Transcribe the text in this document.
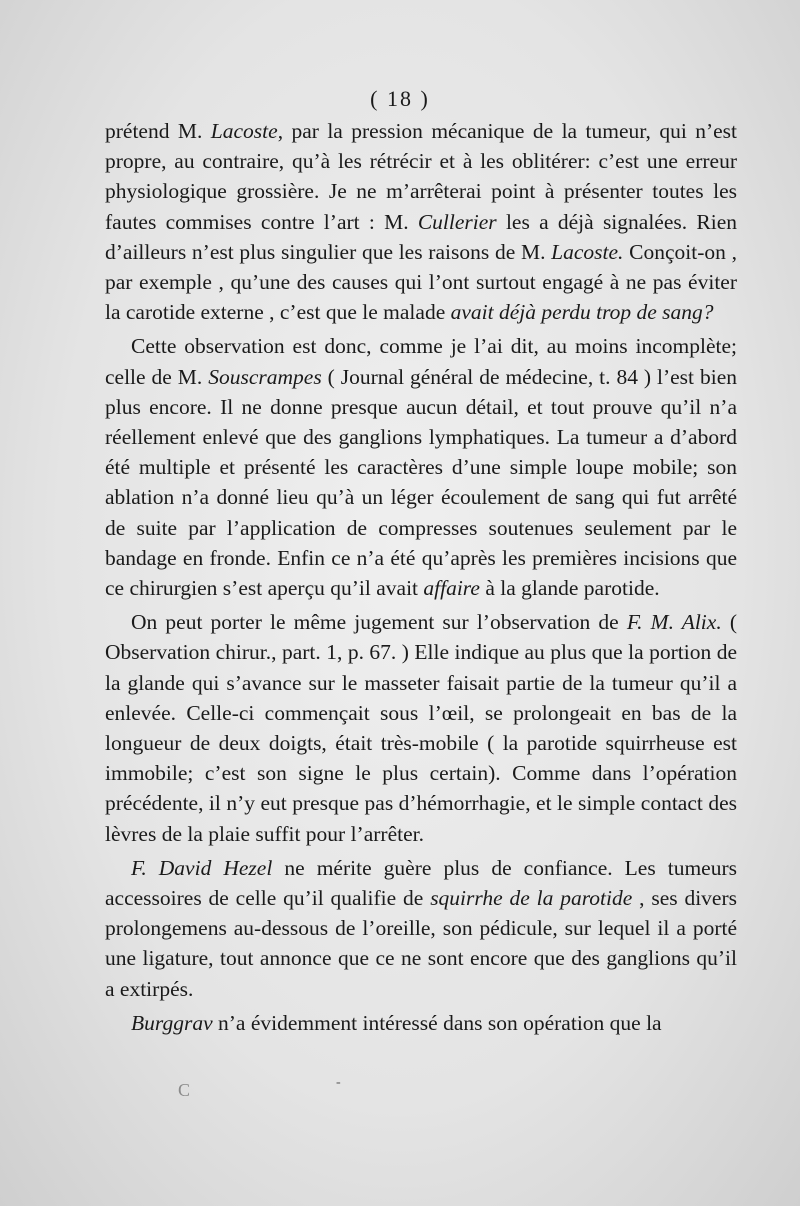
( 18 )

prétend M. Lacoste, par la pression mécanique de la tumeur, qui n’est propre, au contraire, qu’à les rétrécir et à les oblitérer: c’est une erreur physiologique grossière. Je ne m’arrêterai point à présenter toutes les fautes commises contre l’art : M. Cullerier les a déjà signalées. Rien d’ailleurs n’est plus singulier que les raisons de M. Lacoste. Conçoit-on , par exemple , qu’une des causes qui l’ont surtout engagé à ne pas éviter la carotide externe , c’est que le malade avait déjà perdu trop de sang?

Cette observation est donc, comme je l’ai dit, au moins incomplète; celle de M. Souscrampes ( Journal général de médecine, t. 84 ) l’est bien plus encore. Il ne donne presque aucun détail, et tout prouve qu’il n’a réellement enlevé que des ganglions lymphatiques. La tumeur a d’abord été multiple et présenté les caractères d’une simple loupe mobile; son ablation n’a donné lieu qu’à un léger écoulement de sang qui fut arrêté de suite par l’application de compresses soutenues seulement par le bandage en fronde. Enfin ce n’a été qu’après les premières incisions que ce chirurgien s’est aperçu qu’il avait affaire à la glande parotide.

On peut porter le même jugement sur l’observation de F. M. Alix. ( Observation chirur., part. 1, p. 67. ) Elle indique au plus que la portion de la glande qui s’avance sur le masseter faisait partie de la tumeur qu’il a enlevée. Celle-ci commençait sous l’œil, se prolongeait en bas de la longueur de deux doigts, était très-mobile ( la parotide squirrheuse est immobile; c’est son signe le plus certain). Comme dans l’opération précédente, il n’y eut presque pas d’hémorrhagie, et le simple contact des lèvres de la plaie suffit pour l’arrêter.

F. David Hezel ne mérite guère plus de confiance. Les tumeurs accessoires de celle qu’il qualifie de squirrhe de la parotide , ses divers prolongemens au-dessous de l’oreille, son pédicule, sur lequel il a porté une ligature, tout annonce que ce ne sont encore que des ganglions qu’il a extirpés.

Burggrav n’a évidemment intéressé dans son opération que la

C	-
